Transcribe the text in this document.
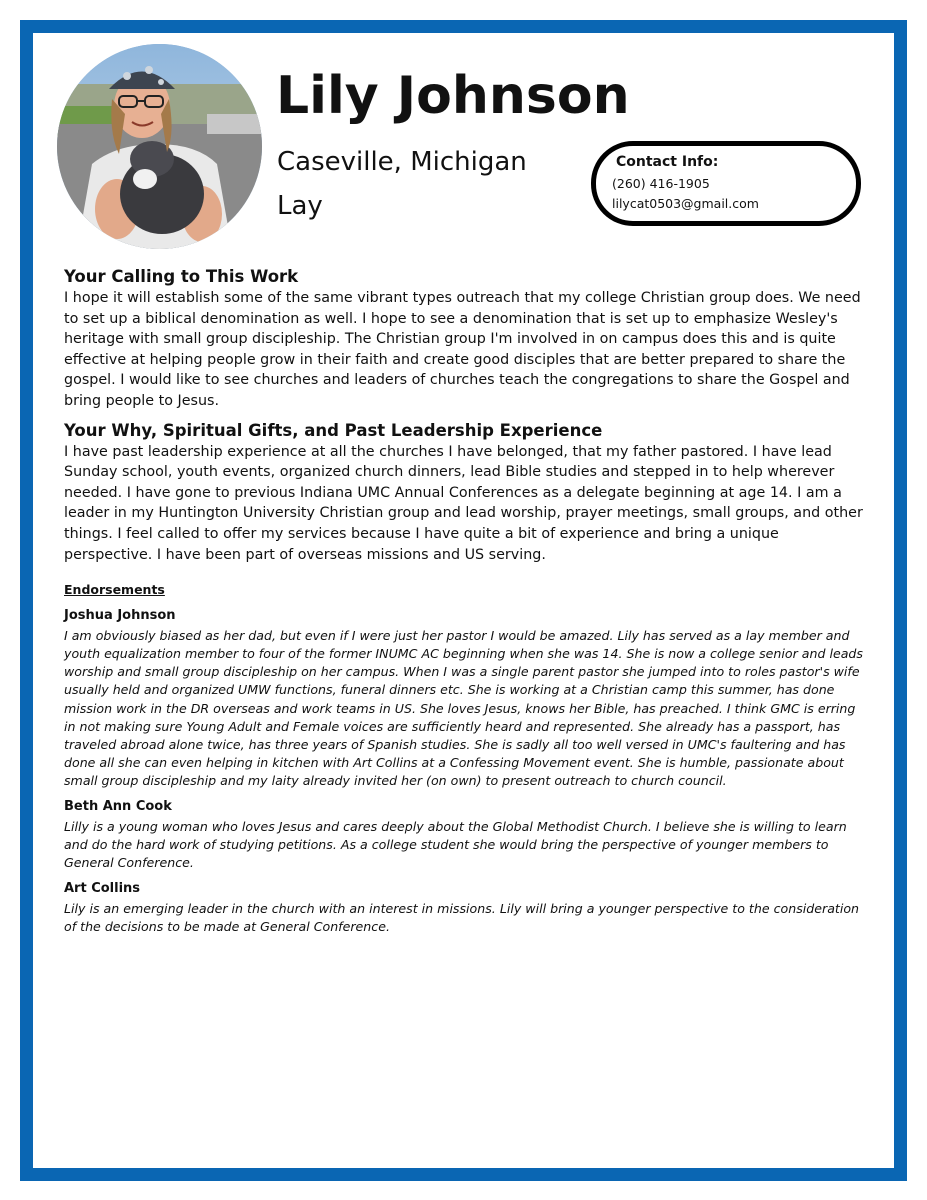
Lily Johnson
Caseville, Michigan
Lay
Contact Info:
(260) 416-1905
lilycat0503@gmail.com
Your Calling to This Work

I hope it will establish some of the same vibrant types outreach that my college Christian group does. We need to set up a biblical denomination as well. I hope to see a denomination that is set up to emphasize Wesley's heritage with small group discipleship. The Christian group I'm involved in on campus does this and is quite effective at helping people grow in their faith and create good disciples that are better prepared to share the gospel. I would like to see churches and leaders of churches teach the congregations to share the Gospel and bring people to Jesus.

Your Why, Spiritual Gifts, and Past Leadership Experience

I have past leadership experience at all the churches I have belonged, that my father pastored. I have lead Sunday school, youth events, organized church dinners, lead Bible studies and stepped in to help wherever needed. I have gone to previous Indiana UMC Annual Conferences as a delegate beginning at age 14. I am a leader in my Huntington University Christian group and lead worship, prayer meetings, small groups, and other things. I feel called to offer my services because I have quite a bit of experience and bring a unique perspective. I have been part of overseas missions and US serving.

Endorsements
Joshua Johnson

I am obviously biased as her dad, but even if I were just her pastor I would be amazed. Lily has served as a lay member and youth equalization member to four of the former INUMC AC beginning when she was 14. She is now a college senior and leads worship and small group discipleship on her campus. When I was a single parent pastor she jumped into to roles pastor's wife usually held and organized UMW functions, funeral dinners etc. She is working at a Christian camp this summer, has done mission work in the DR overseas and work teams in US. She loves Jesus, knows her Bible, has preached. I think GMC is erring in not making sure Young Adult and Female voices are sufficiently heard and represented. She already has a passport, has traveled abroad alone twice, has three years of Spanish studies. She is sadly all too well versed in UMC's faultering and has done all she can even helping in kitchen with Art Collins at a Confessing Movement event. She is humble, passionate about small group discipleship and my laity already invited her (on own) to present outreach to church council.

Beth Ann Cook

Lilly is a young woman who loves Jesus and cares deeply about the Global Methodist Church. I believe she is willing to learn and do the hard work of studying petitions. As a college student she would bring the perspective of younger members to General Conference.

Art Collins

Lily is an emerging leader in the church with an interest in missions. Lily will bring a younger perspective to the consideration of the decisions to be made at General Conference.
